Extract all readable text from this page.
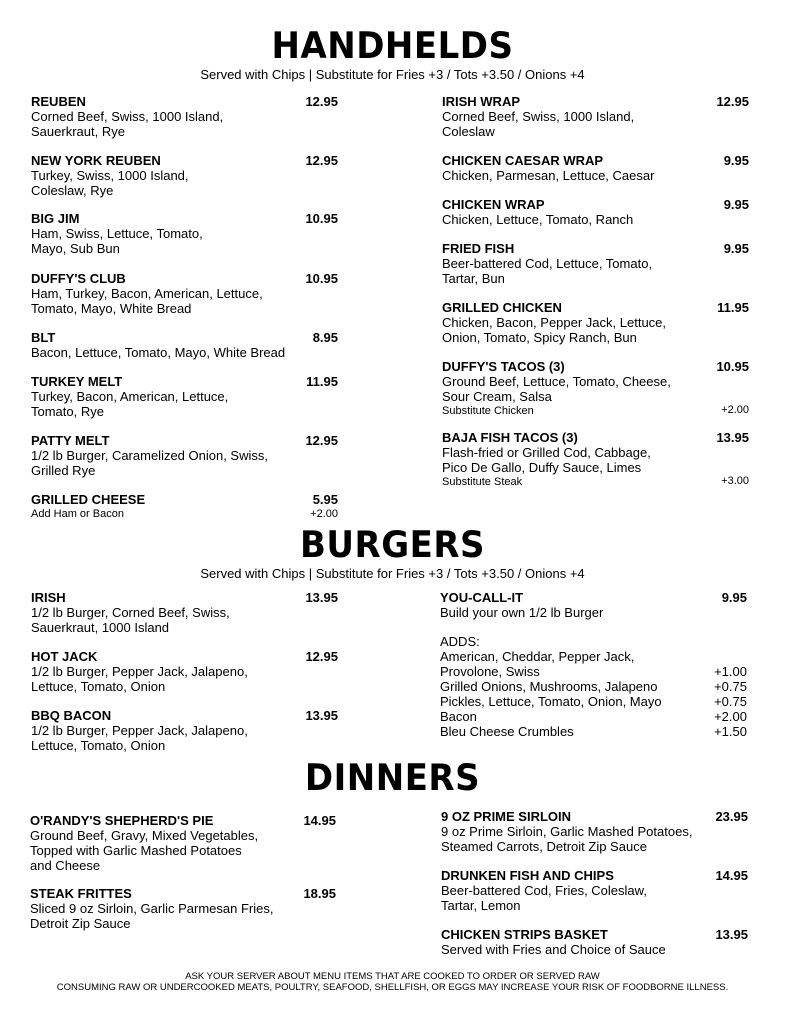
HANDHELDS
Served with Chips | Substitute for Fries +3 / Tots +3.50 / Onions +4
REUBEN
Corned Beef, Swiss, 1000 Island,
Sauerkraut, Rye
12.95
NEW YORK REUBEN
Turkey, Swiss, 1000 Island,
Coleslaw, Rye
12.95
BIG JIM
Ham, Swiss, Lettuce, Tomato,
Mayo, Sub Bun
10.95
DUFFY'S CLUB
Ham, Turkey, Bacon, American, Lettuce,
Tomato, Mayo, White Bread
10.95
BLT
Bacon, Lettuce, Tomato, Mayo, White Bread
8.95
TURKEY MELT
Turkey, Bacon, American, Lettuce,
Tomato, Rye
11.95
PATTY MELT
1/2 lb Burger, Caramelized Onion, Swiss,
Grilled Rye
12.95
GRILLED CHEESE
Add Ham or Bacon
5.95
+2.00
IRISH WRAP
Corned Beef, Swiss, 1000 Island,
Coleslaw
12.95
CHICKEN CAESAR WRAP
Chicken, Parmesan, Lettuce, Caesar
9.95
CHICKEN WRAP
Chicken, Lettuce, Tomato, Ranch
9.95
FRIED FISH
Beer-battered Cod, Lettuce, Tomato,
Tartar, Bun
9.95
GRILLED CHICKEN
Chicken, Bacon, Pepper Jack, Lettuce,
Onion, Tomato, Spicy Ranch, Bun
11.95
DUFFY'S TACOS (3)
Ground Beef, Lettuce, Tomato, Cheese,
Sour Cream, Salsa
Substitute Chicken
10.95
+2.00
BAJA FISH TACOS (3)
Flash-fried or Grilled Cod, Cabbage,
Pico De Gallo, Duffy Sauce, Limes
Substitute Steak
13.95
+3.00
BURGERS
Served with Chips | Substitute for Fries +3 / Tots +3.50 / Onions +4
IRISH
1/2 lb Burger, Corned Beef, Swiss,
Sauerkraut, 1000 Island
13.95
HOT JACK
1/2 lb Burger, Pepper Jack, Jalapeno,
Lettuce, Tomato, Onion
12.95
BBQ BACON
1/2 lb Burger, Pepper Jack, Jalapeno,
Lettuce, Tomato, Onion
13.95
YOU-CALL-IT
Build your own 1/2 lb Burger
9.95
ADDS:
American, Cheddar, Pepper Jack,
Provolone, Swiss	+1.00
Grilled Onions, Mushrooms, Jalapeno	+0.75
Pickles, Lettuce, Tomato, Onion, Mayo	+0.75
Bacon	+2.00
Bleu Cheese Crumbles	+1.50
DINNERS
O'RANDY'S SHEPHERD'S PIE
Ground Beef, Gravy, Mixed Vegetables,
Topped with Garlic Mashed Potatoes
and Cheese
14.95
STEAK FRITTES
Sliced 9 oz Sirloin, Garlic Parmesan Fries,
Detroit Zip Sauce
18.95
9 OZ PRIME SIRLOIN
9 oz Prime Sirloin, Garlic Mashed Potatoes,
Steamed Carrots, Detroit Zip Sauce
23.95
DRUNKEN FISH AND CHIPS
Beer-battered Cod, Fries, Coleslaw,
Tartar, Lemon
14.95
CHICKEN STRIPS BASKET
Served with Fries and Choice of Sauce
13.95
ASK YOUR SERVER ABOUT MENU ITEMS THAT ARE COOKED TO ORDER OR SERVED RAW
CONSUMING RAW OR UNDERCOOKED MEATS, POULTRY, SEAFOOD, SHELLFISH, OR EGGS MAY INCREASE YOUR RISK OF FOODBORNE ILLNESS.
